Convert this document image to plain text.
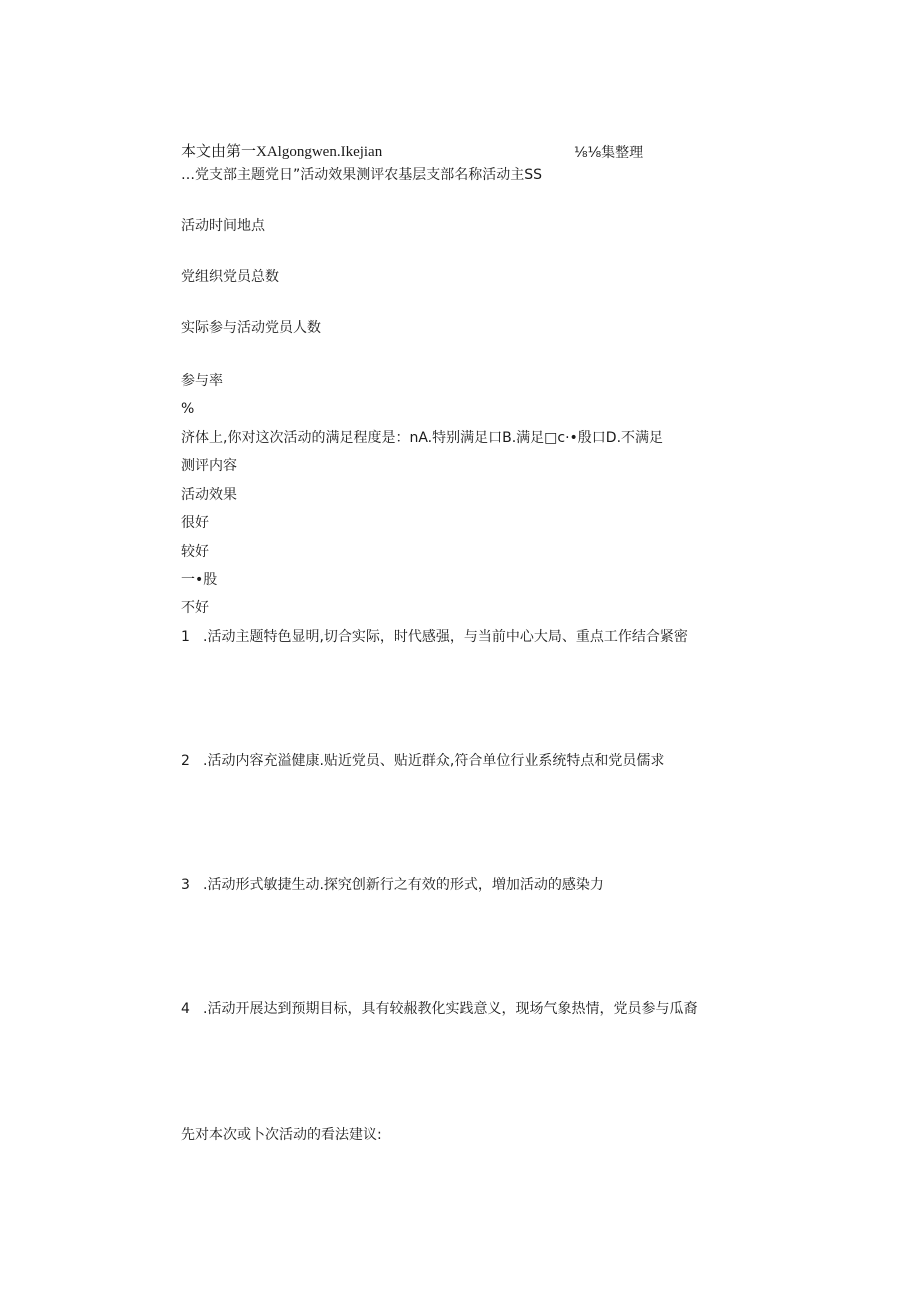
本文由第一XAlgongwen.Ikejian	⅛⅛集整理
…党支部主题党日”活动效果测评农基层支部名称活动主SS
活动时间地点
党组织党员总数
实际参与活动党员人数
参与率
%
济体上,你对这次活动的满足程度是：nA.特别满足口B.满足□c·•殷口D.不满足
测评内容
活动效果
很好
较好
一•股
不好
1 .活动主题特色显明,切合实际，时代感强，与当前中心大局、重点工作结合紧密
2 .活动内容充溢健康.贴近党员、贴近群众,符合单位行业系统特点和党员儒求
3 .活动形式敏捷生动.探究创新行之有效的形式，増加活动的感染力
4 .活动开展达到预期目标，具有较赧教化实践意义，现场气象热情，党员参与瓜裔
先对本次或卜次活动的看法建议:
